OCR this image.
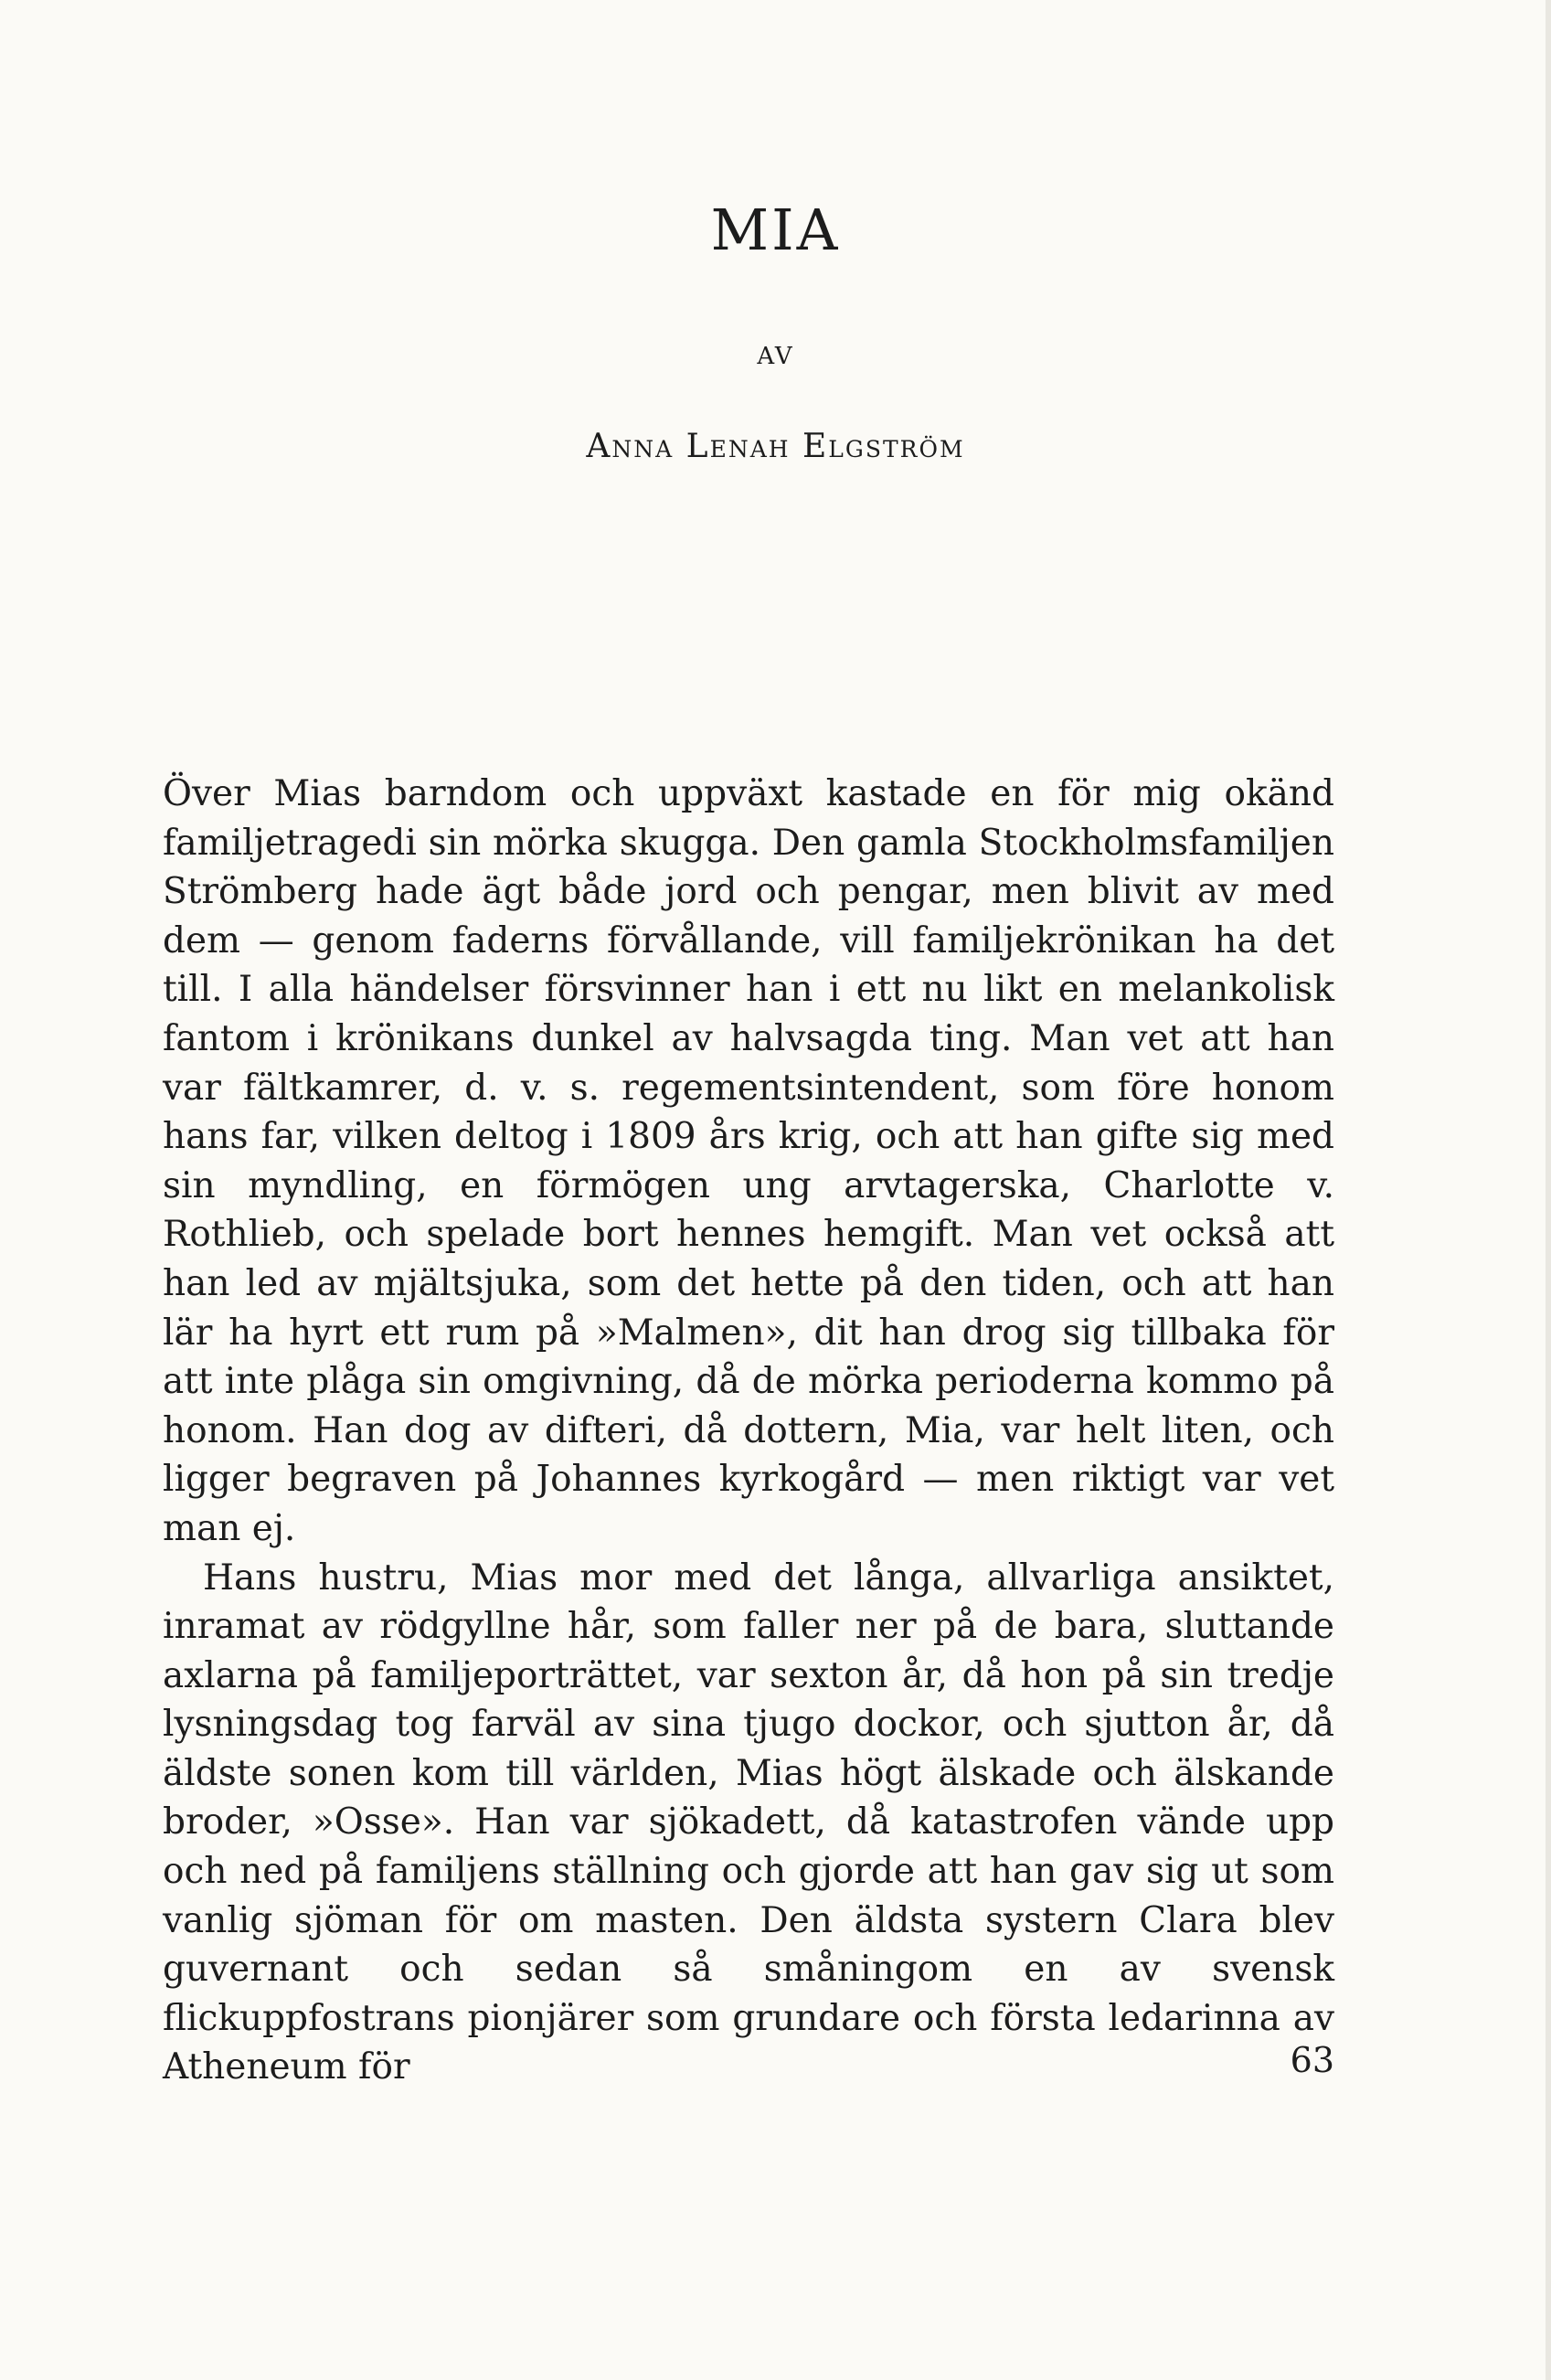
MIA
AV
Anna Lenah Elgström

Över Mias barndom och uppväxt kastade en för mig okänd familjetragedi sin mörka skugga. Den gamla Stockholmsfamiljen Strömberg hade ägt både jord och pengar, men blivit av med dem — genom faderns förvållande, vill familjekrönikan ha det till. I alla händelser försvinner han i ett nu likt en melankolisk fantom i krönikans dunkel av halvsagda ting. Man vet att han var fältkamrer, d. v. s. regementsintendent, som före honom hans far, vilken deltog i 1809 års krig, och att han gifte sig med sin myndling, en förmögen ung arvtagerska, Charlotte v. Rothlieb, och spelade bort hennes hemgift. Man vet också att han led av mjältsjuka, som det hette på den tiden, och att han lär ha hyrt ett rum på »Malmen», dit han drog sig tillbaka för att inte plåga sin omgivning, då de mörka perioderna kommo på honom. Han dog av difteri, då dottern, Mia, var helt liten, och ligger begraven på Johannes kyrkogård — men riktigt var vet man ej.

Hans hustru, Mias mor med det långa, allvarliga ansiktet, inramat av rödgyllne hår, som faller ner på de bara, sluttande axlarna på familjeporträttet, var sexton år, då hon på sin tredje lysningsdag tog farväl av sina tjugo dockor, och sjutton år, då äldste sonen kom till världen, Mias högt älskade och älskande broder, »Osse». Han var sjökadett, då katastrofen vände upp och ned på familjens ställning och gjorde att han gav sig ut som vanlig sjöman för om masten. Den äldsta systern Clara blev guvernant och sedan så småningom en av svensk flickuppfostrans pionjärer som grundare och första ledarinna av Atheneum för	63
